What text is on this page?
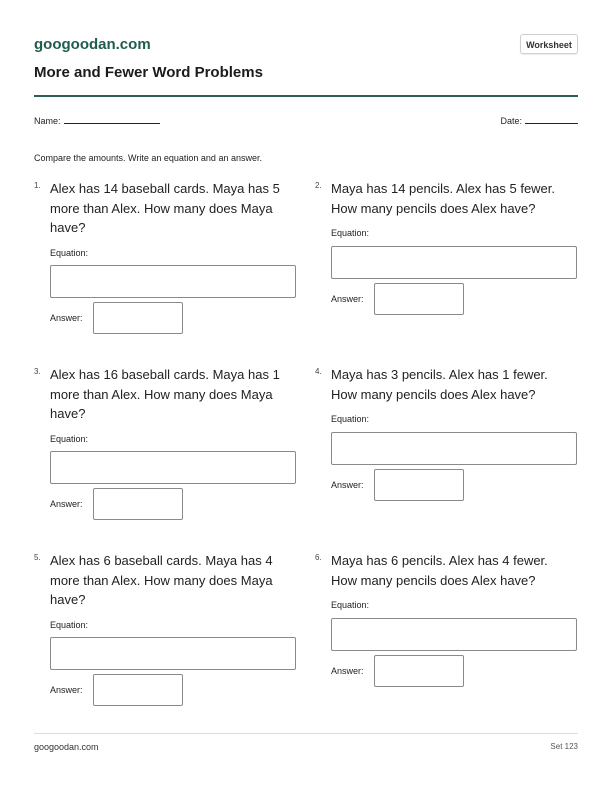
googoodan.com	Worksheet
More and Fewer Word Problems
Name:	Date:
Compare the amounts. Write an equation and an answer.
1. Alex has 14 baseball cards. Maya has 5 more than Alex. How many does Maya have?
Equation:
Answer:
2. Maya has 14 pencils. Alex has 5 fewer. How many pencils does Alex have?
Equation:
Answer:
3. Alex has 16 baseball cards. Maya has 1 more than Alex. How many does Maya have?
Equation:
Answer:
4. Maya has 3 pencils. Alex has 1 fewer. How many pencils does Alex have?
Equation:
Answer:
5. Alex has 6 baseball cards. Maya has 4 more than Alex. How many does Maya have?
Equation:
Answer:
6. Maya has 6 pencils. Alex has 4 fewer. How many pencils does Alex have?
Equation:
Answer:
googoodan.com	Set 123
